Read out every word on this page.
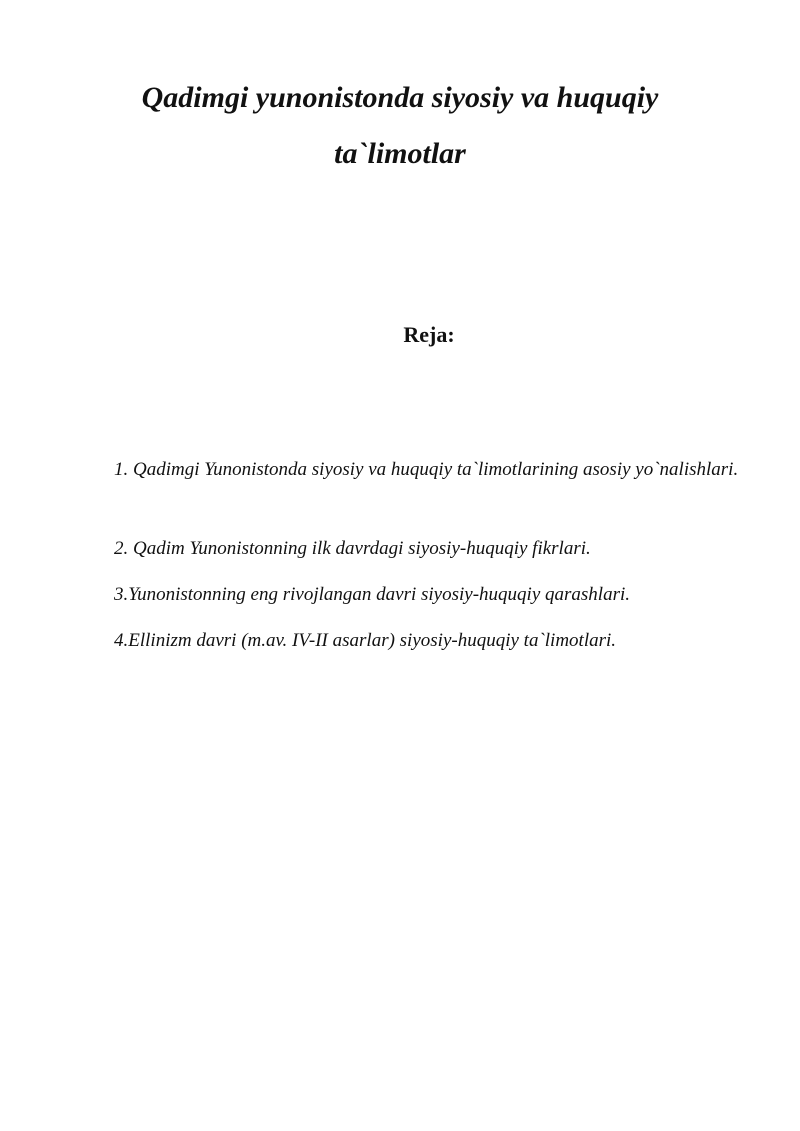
Qadimgi yunonistonda siyosiy va huquqiy
ta`limotlar
Reja:
1. Qadimgi Yunonistonda siyosiy va huquqiy ta`limotlarining asosiy yo`nalishlari.
2. Qadim Yunonistonning ilk davrdagi siyosiy-huquqiy fikrlari.
3.Yunonistonning eng rivojlangan davri siyosiy-huquqiy qarashlari.
4.Ellinizm davri (m.av. IV-II asarlar) siyosiy-huquqiy ta`limotlari.
